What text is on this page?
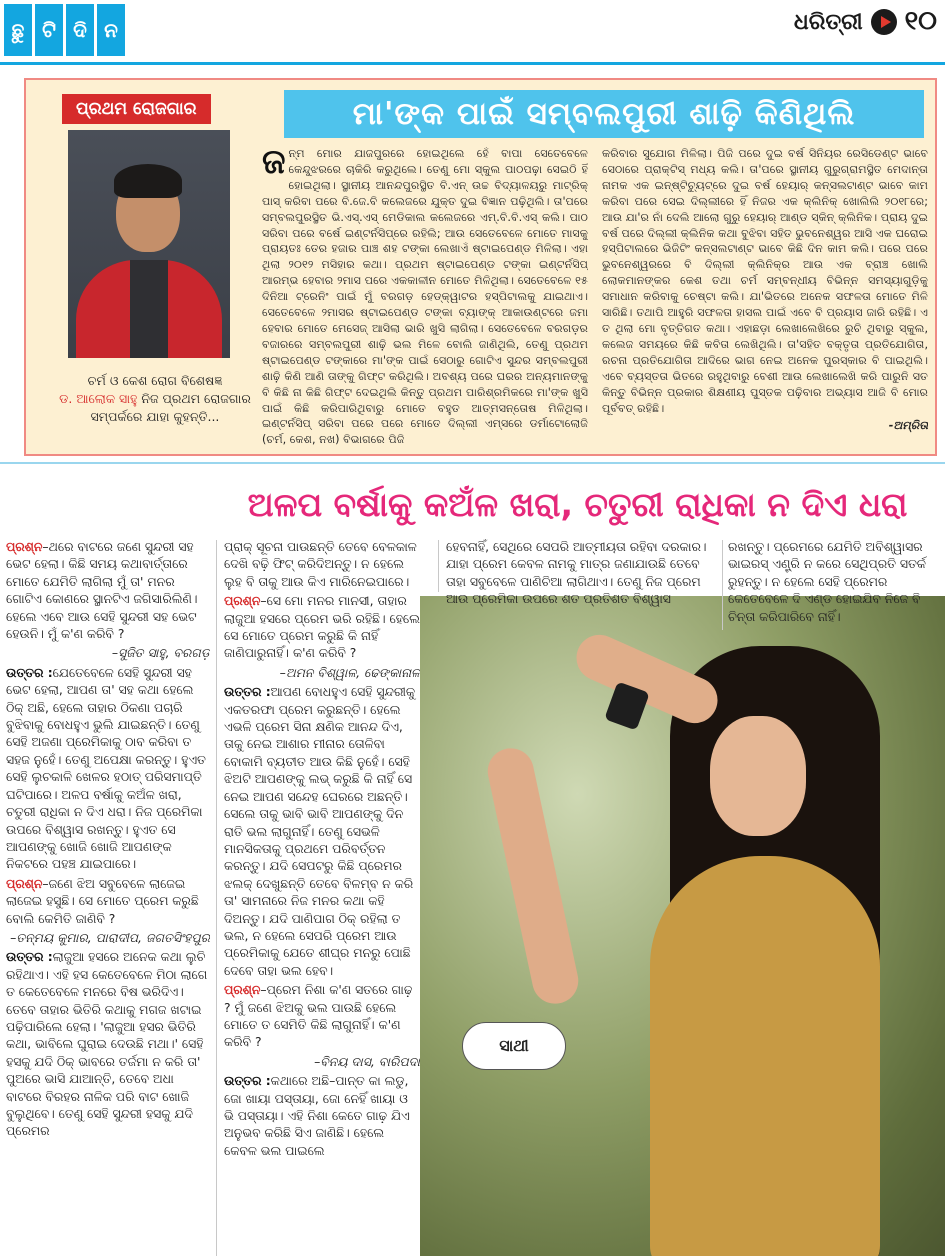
ଛୁ ଟି ଦି ନ	ଧରିତ୍ରୀ ୧୦
ପ୍ରଥମ ରୋଜଗାର	ମା'ଙ୍କ ପାଇଁ ସମ୍ବଲପୁରୀ ଶାଢ଼ି କିଣିଥିଲି
ଚର୍ମ ଓ କେଶ ରୋଗ ବିଶେଷଜ୍ଞ
ଡ. ଆଲୋକ ସାହୁ ନିଜ ପ୍ରଥମ ରୋଜଗାର ସମ୍ପର୍କରେ ଯାହା କୁହନ୍ତି...
ଜ ନ୍ମ ମୋର ଯାଜପୁରରେ ହୋଇଥିଲେ ହେଁ ବାପା ସେତେବେଳେ କେନ୍ଦୁଝରରେ ଚାକିରି କରୁଥିଲେ। ତେଣୁ ମୋ ସ୍କୁଲ ପାଠପଢ଼ା ସେଇଠି ହିଁ ହୋଇଥିଲା। ସ୍ଥାନୀୟ ଆନନ୍ଦପୁରସ୍ଥିତ ବି.ଏନ୍ ଉଚ୍ଚ ବିଦ୍ୟାଳୟରୁ ମାଟ୍ରିକ୍ ପାସ୍ କରିବା ପରେ ବି.ଜେ.ବି କଲେଜରେ ଯୁକ୍ତ ଦୁଇ ବିଜ୍ଞାନ ପଢ଼ିଥିଲି। ତା'ପରେ ସମ୍ବଲପୁରସ୍ଥିତ ଭି.ଏସ୍.ଏସ୍ ମେଡିକାଲ କଲେଜରେ ଏମ୍.ବି.ବି.ଏସ୍ କଲି। ପାଠ ସରିବା ପରେ ବର୍ଷେ ଇଣ୍ଟର୍ନସିପ୍‌ରେ ରହିଲି; ଆଉ ସେତେବେଳେ ମୋତେ ମାସକୁ ପ୍ରାୟତଃ ତେର ହଜାର ପାଞ୍ଚ ଶହ ଟଙ୍କା ଲେଖାଏଁ ଷ୍ଟାଇପେଣ୍ଡ ମିଳିଲା। ଏହା ଥିଲା ୨୦୧୨ ମସିହାର କଥା। ପ୍ରଥମ ଷ୍ଟାଇପେଣ୍ଡ ଟଙ୍କା ଇଣ୍ଟର୍ନସିପ୍ ଆରମ୍ଭ ହେବାର ୨ମାସ ପରେ ଏକକାଳୀନ ମୋତେ ମିଳିଥିଲା। ସେତେବେଳେ ୧୫ ଦିନିଆ ଟ୍ରେନିଂ ପାଇଁ ମୁଁ ବରଗଡ଼ ହେଡ୍‌କ୍ୱାଟର ହସ୍ପିଟାଲକୁ ଯାଇଥାଏ। ସେତେବେଳେ ୨ମାସର ଷ୍ଟାଇପେଣ୍ଡ ଟଙ୍କା ବ୍ୟାଙ୍କ୍ ଆକାଉଣ୍ଟରେ ଜମା ହେବାର ମୋତେ ମେସେଜ୍ ଆସିଲା ଭାରି ଖୁସି ଲାଗିଲା। ସେତେବେଳେ ବରଗଡ଼ର ବଜାରରେ ସମ୍ବଲପୁରୀ ଶାଢ଼ି ଭଲ ମିଳେ ବୋଲି ଜାଣିଥିଲି, ତେଣୁ ପ୍ରଥମ ଷ୍ଟାଇପେଣ୍ଡ ଟଙ୍କାରେ ମା'ଙ୍କ ପାଇଁ ସେଠାରୁ ଗୋଟିଏ ସୁନ୍ଦର ସମ୍ବଲପୁରୀ ଶାଢ଼ି କିଣି ଆଣି ତାଙ୍କୁ ଗିଫ୍ଟ କରିଥିଲି। ଅବଶ୍ୟ ପରେ ଘରର ଅନ୍ୟମାନଙ୍କୁ ବି କିଛି ନା କିଛି ଗିଫ୍ଟ ଦେଇଥିଲି କିନ୍ତୁ ପ୍ରଥମ ପାରିଶ୍ରମିକରେ ମା'ଙ୍କ ଖୁସି ପାଇଁ କିଛି କରିପାରିଥିବାରୁ ମୋତେ ବହୁତ ଆତ୍ମସନ୍ତୋଷ ମିଳିଥିଲା। ଇଣ୍ଟର୍ନସିପ୍ ସରିବା ପରେ ପରେ ମୋତେ ଦିଲ୍ଲୀ ଏମ୍ସରେ ଡର୍ମାଟୋଲୋଜି (ଚର୍ମ, କେଶ, ନଖ) ବିଭାଗରେ ପିଜି
କରିବାର ସୁଯୋଗ ମିଳିଲା। ପିଜି ପରେ ଦୁଇ ବର୍ଷ ସିନିୟର ରେସିଡେଣ୍ଟ ଭାବେ ସେଠାରେ ପ୍ରାକ୍ଟିସ୍ ମଧ୍ୟ କଲି। ତା'ପରେ ସ୍ଥାନୀୟ ଗୁରୁଗ୍ରାମସ୍ଥିତ ମେଦାନ୍ତା ନାମକ ଏକ ଇନ୍‌ଷ୍ଟିଚ୍ୟୁଟ୍‌ରେ ଦୁଇ ବର୍ଷ ହେୟାର୍ କନ୍‌ସଲଟାଣ୍ଟ ଭାବେ କାମ କରିବା ପରେ ସେଇ ଦିଲ୍ଲୀରେ ହିଁ ନିଜର ଏକ କ୍ଲିନିକ୍ ଖୋଲିଲି ୨୦୧୮ରେ; ଆଉ ଯା'ର ନାଁ ଦେଲି ଆଲୋ ଗୁରୁ ହେୟାର୍ ଆଣ୍ଡ ସ୍କିନ୍ କ୍ଲିନିକ। ପ୍ରାୟ ଦୁଇ ବର୍ଷ ପରେ ଦିଲ୍ଲୀ କ୍ଲିନିକ କଥା ବୁଝିବା ସହିତ ଭୁବନେଶ୍ୱର ଆସି ଏକ ଘରୋଇ ହସ୍ପିଟାଲରେ ଭିଜିଟିଂ କନ୍‌ସଲଟାଣ୍ଟ ଭାବେ କିଛି ଦିନ କାମ କଲି। ପରେ ପରେ ଭୁବନେଶ୍ୱରରେ ବି ଦିଲ୍ଲୀ କ୍ଲିନିକ୍‌ର ଆଉ ଏକ ବ୍ରାଞ୍ଚ ଖୋଲି ଲୋକମାନଙ୍କର କେଶ ତଥା ଚର୍ମ ସମ୍ବନ୍ଧୀୟ ବିଭିନ୍ନ ସମସ୍ୟାଗୁଡ଼ିକୁ ସମାଧାନ କରିବାକୁ ଚେଷ୍ଟା କଲି। ଯା'ଭିତରେ ଅନେକ ସଫଳତା ମୋତେ ମିଳି ସାରିଛି। ତଥାପି ଆହୁରି ସଫଳତା ହାସଲ ପାଇଁ ଏବେ ବି ପ୍ରୟାସ ଜାରି ରହିଛି। ଏ ତ ଥିଲା ମୋ ବୃତ୍ତିଗତ କଥା। ଏହାଛଡ଼ା ଲେଖାଲେଖିରେ ରୁଚି ଥିବାରୁ ସ୍କୁଲ, କଲେଜ ସମୟରେ କିଛି କବିତା ଲେଖିଥିଲି। ତା'ସହିତ ବକ୍ତୃତା ପ୍ରତିଯୋଗିତା, ରଚନା ପ୍ରତିଯୋଗିତା ଆଦିରେ ଭାଗ ନେଇ ଅନେକ ପୁରସ୍କାର ବି ପାଇଥିଲି। ଏବେ ବ୍ୟସ୍ତତା ଭିତରେ ରହୁଥିବାରୁ ବେଶୀ ଆଉ ଲେଖାଲେଖି କରି ପାରୁନି ସତ କିନ୍ତୁ ବିଭିନ୍ନ ପ୍ରକାର ଶିକ୍ଷଣୀୟ ପୁସ୍ତକ ପଢ଼ିବାର ଅଭ୍ୟାସ ଆଜି ବି ମୋର ପୂର୍ବବତ୍ ରହିଛି।
-ଅମ୍ରିତା
ଅଳପ ବର୍ଷାକୁ କଅଁଳ ଖରା, ଚତୁରୀ ରାଧିକା ନ ଦିଏ ଧରା
ସାଥୀ

ପ୍ରଶ୍ନ–ଥରେ ବାଟରେ ଜଣେ ସୁନ୍ଦରୀ ସହ ଭେଟ ହେଲା। କିଛି ସମୟ କଥାବାର୍ତ୍ତାରେ ମୋତେ ଯେମିତି ଲାଗିଲା ମୁଁ ତା' ମନର ଗୋଟିଏ କୋଣରେ ସ୍ଥାନଟିଏ ଜଗିସାରିଲିଣି। ହେଲେ ଏବେ ଆଉ ସେହି ସୁନ୍ଦରୀ ସହ ଭେଟ ହେଉନି। ମୁଁ କ'ଣ କରିବି ?

–ସୁଜିତ ସାହୁ, ବରଗଡ଼

ଉତ୍ତର :ଯେତେବେଳେ ସେହି ସୁନ୍ଦରୀ ସହ ଭେଟ ହେଲା, ଆପଣ ତା' ସହ କଥା ହେଲେ ଠିକ୍ ଅଛି, ହେଲେ ତାହାର ଠିକଣା ପଚାରି ବୁଝିବାକୁ ବୋଧହୁଏ ଭୁଲି ଯାଇଛନ୍ତି। ତେଣୁ ସେହି ଅଜଣା ପ୍ରେମିକାକୁ ଠାବ କରିବା ତ ସହଜ ନୁହେଁ। ତେଣୁ ଅପେକ୍ଷା କରନ୍ତୁ। ହୁଏତ ସେହି ଲୁଚକାଳି ଖେଳର ହଠାତ୍ ପରିସମାପ୍ତି ଘଟିପାରେ। ଅଳପ ବର୍ଷାକୁ କଅଁଳ ଖରା, ଚତୁରୀ ରାଧିକା ନ ଦିଏ ଧରା। ନିଜ ପ୍ରେମିକା ଉପରେ ବିଶ୍ୱାସ ରଖନ୍ତୁ। ହୁଏତ ସେ ଆପଣଙ୍କୁ ଖୋଜି ଖୋଜି ଆପଣଙ୍କ ନିକଟରେ ପହଞ୍ଚ ଯାଇପାରେ।

ପ୍ରଶ୍ନ–ଜଣେ ଝିଅ ସବୁବେଳେ ଲାଜେଇ ଲାଜେଇ ହସୁଛି। ସେ ମୋତେ ପ୍ରେମ କରୁଛି ବୋଲି କେମିତି ଜାଣିବି ?

–ତନ୍ମୟ କୁମାର, ପାରାଦୀପ, ଜଗତସିଂହପୁର

ଉତ୍ତର :ଲାଜୁଆ ହସରେ ଅନେକ କଥା ଲୁଚି ରହିଥାଏ। ଏହି ହସ କେତେବେଳେ ମିଠା ଲାଗେ ତ କେତେବେଳେ ମନରେ ବିଷ ଭରିଦିଏ। ତେବେ ତାହାର ଭିତିରି କଥାକୁ ମଗଜ ଖଟାଇ ପଢ଼ିପାରିଲେ ହେଲା। 'ଲାଜୁଆ ହସର ଭିତିରି କଥା, ଭାବିଲେ ଘୁରାଇ ଦେଉଛି ମଥା।' ସେହି ହସକୁ ଯଦି ଠିକ୍ ଭାବରେ ତର୍ଜମା ନ କରି ତା' ପୁଅରେ ଭାସି ଯାଆନ୍ତି, ତେବେ ଅଧା ବାଟରେ ବିରହର ନାଳିକ ପରି ବାଟ ଖୋଜି ବୁଲୁଥିବେ। ତେଣୁ ସେହି ସୁନ୍ଦରୀ ହସକୁ ଯଦି ପ୍ରେମର

ପ୍ରାକ୍ ସୂଚନା ପାଉଛନ୍ତି ତେବେ ବେଳକାଳ ଦେଖି ବଢ଼ି ଫିଟ୍ କରିଦିଅନ୍ତୁ। ନ ହେଲେ ଲୁହ ବି ତାକୁ ଆଉ କିଏ ମାରିନେଇପାରେ।

ପ୍ରଶ୍ନ–ସେ ମୋ ମନର ମାନସୀ, ତାହାର ଲାଜୁଆ ହସରେ ପ୍ରେମ ଭରି ରହିଛି। ହେଲେ ସେ ମୋତେ ପ୍ରେମ କରୁଛି କି ନାହିଁ ଜାଣିପାରୁନାହିଁ। କ'ଣ କରିବି ?

–ଅମନ ବିଶ୍ୱାଳ, ଢେଙ୍କାନାଳ

ଉତ୍ତର :ଆପଣ ବୋଧହୁଏ ସେହି ସୁନ୍ଦରୀକୁ ଏକତରଫା ପ୍ରେମ କରୁଛନ୍ତି। ହେଲେ ଏଭଳି ପ୍ରେମ ସିନା କ୍ଷଣିକ ଆନନ୍ଦ ଦିଏ, ତାକୁ ନେଇ ଆଶାର ମୀନାର ତୋଳିବା ବୋକାମି ବ୍ୟତୀତ ଆଉ କିଛି ନୁହେଁ। ସେହି ଝିଅଟି ଆପଣଙ୍କୁ ଲଭ୍ କରୁଛି କି ନାହିଁ ସେ ନେଇ ଆପଣ ସନ୍ଦେହ ଘେରରେ ଅଛନ୍ତି। ସେଲେ ତାକୁ ଭାବି ଭାବି ଆପଣଙ୍କୁ ଦିନ ରାତି ଭଲ ଲାଗୁନାହିଁ। ତେଣୁ ସେଭଳି ମାନସିକତାକୁ ପ୍ରଥମେ ପରିବର୍ତ୍ତନ କରନ୍ତୁ। ଯଦି ସେପଟରୁ କିଛି ପ୍ରେମର ଝଲକ୍ ଦେଖୁଛନ୍ତି ତେବେ ବିଳମ୍ବ ନ କରି ତା' ସାମନାରେ ନିଜ ମନର କଥା କହି ଦିଅନ୍ତୁ। ଯଦି ପାଣିପାଗ ଠିକ୍ ରହିଲା ତ ଭଲ, ନ ହେଲେ ସେପରି ପ୍ରେମ ଆଉ ପ୍ରେମିକାକୁ ଯେତେ ଶୀଘ୍ର ମନରୁ ପୋଛି ଦେବେ ତାହା ଭଲ ହେବ।

ପ୍ରଶ୍ନ–ପ୍ରେମ ନିଶା କ'ଣ ସତରେ ଗାଢ଼ ? ମୁଁ ଜଣେ ଝିଅକୁ ଭଲ ପାଉଛି ହେଲେ ମୋତେ ତ ସେମିତି କିଛି ଲାଗୁନାହିଁ। କ'ଣ କରିବି ?

–ବିନୟ ଦାସ, ବାରିପଦା

ଉତ୍ତର :କଥାରେ ଅଛି–ପାନ୍ତ କା ଲଡୁ, ଜୋ ଖାୟା ପସ୍ତାୟା, ଜୋ ନେହିଁ ଖାୟା ଓ ଭି ପସ୍ତାୟା। ଏହି ନିଶା କେତେ ଗାଢ଼ ଯିଏ ଅନୁଭବ କରିଛି ସିଏ ଜାଣିଛି। ହେଲେ କେବଳ ଭଲ ପାଇଲେ

ହେବନାହିଁ, ସେଥିରେ ସେପରି ଆତ୍ମୀୟତା ରହିବା ଦରକାର। ଯାହା ପ୍ରେମ କେବଳ ନାମକୁ ମାତ୍ର ଜଣାଯାଉଛି ତେବେ ତାହା ସବୁବେଳେ ପାଣିଚିଆ ଲାଗିଥାଏ। ତେଣୁ ନିଜ ପ୍ରେମ ଆଉ ପ୍ରେମିକା ଉପରେ ଶତ ପ୍ରତିଶତ ବିଶ୍ୱାସ

ରଖନ୍ତୁ। ପ୍ରେମରେ ଯେମିତି ଅବିଶ୍ୱାସର ଭାଇରସ୍ ଏଣ୍ଟ୍ରି ନ କରେ ସେଥିପ୍ରତି ସତର୍କ ରୁହନ୍ତୁ। ନ ହେଲେ ସେହି ପ୍ରେମର କେତେବେଳେ ଦି ଏଣ୍ଡ ହୋଇଯିବ ନିଜେ ବି ଚିନ୍ତା କରିପାରିବେ ନାହିଁ।
